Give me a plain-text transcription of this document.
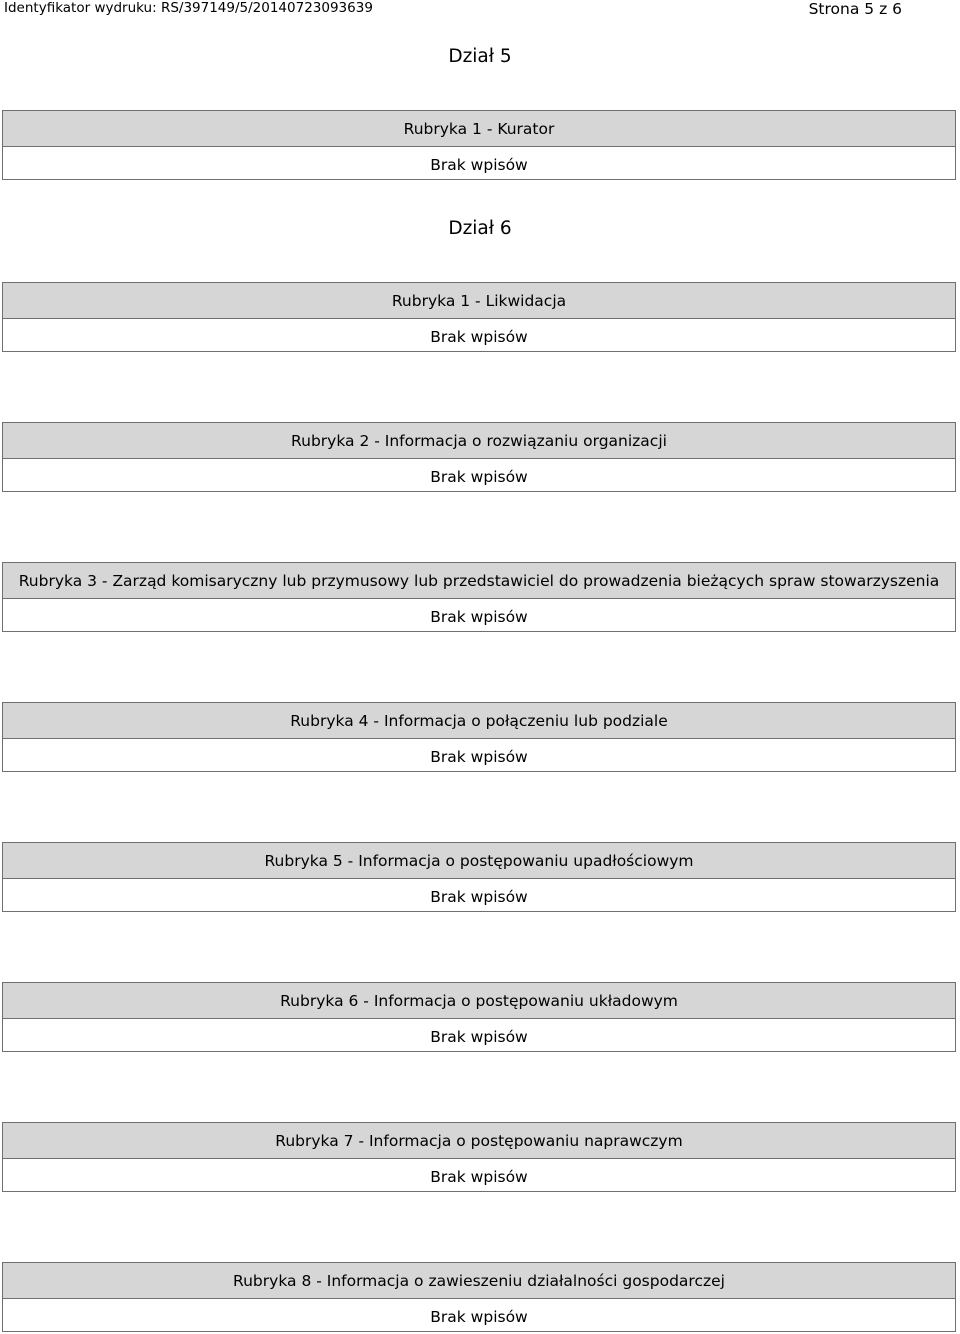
Identyfikator wydruku: RS/397149/5/20140723093639	Strona 5 z 6
Dział 5
Rubryka 1 - Kurator
Brak wpisów
Dział 6
Rubryka 1 - Likwidacja
Brak wpisów
Rubryka 2 - Informacja o rozwiązaniu organizacji
Brak wpisów
Rubryka 3 - Zarząd komisaryczny lub przymusowy lub przedstawiciel do prowadzenia bieżących spraw stowarzyszenia
Brak wpisów
Rubryka 4 - Informacja o połączeniu lub podziale
Brak wpisów
Rubryka 5 - Informacja o postępowaniu upadłościowym
Brak wpisów
Rubryka 6 - Informacja o postępowaniu układowym
Brak wpisów
Rubryka 7 - Informacja o postępowaniu naprawczym
Brak wpisów
Rubryka 8 - Informacja o zawieszeniu działalności gospodarczej
Brak wpisów
